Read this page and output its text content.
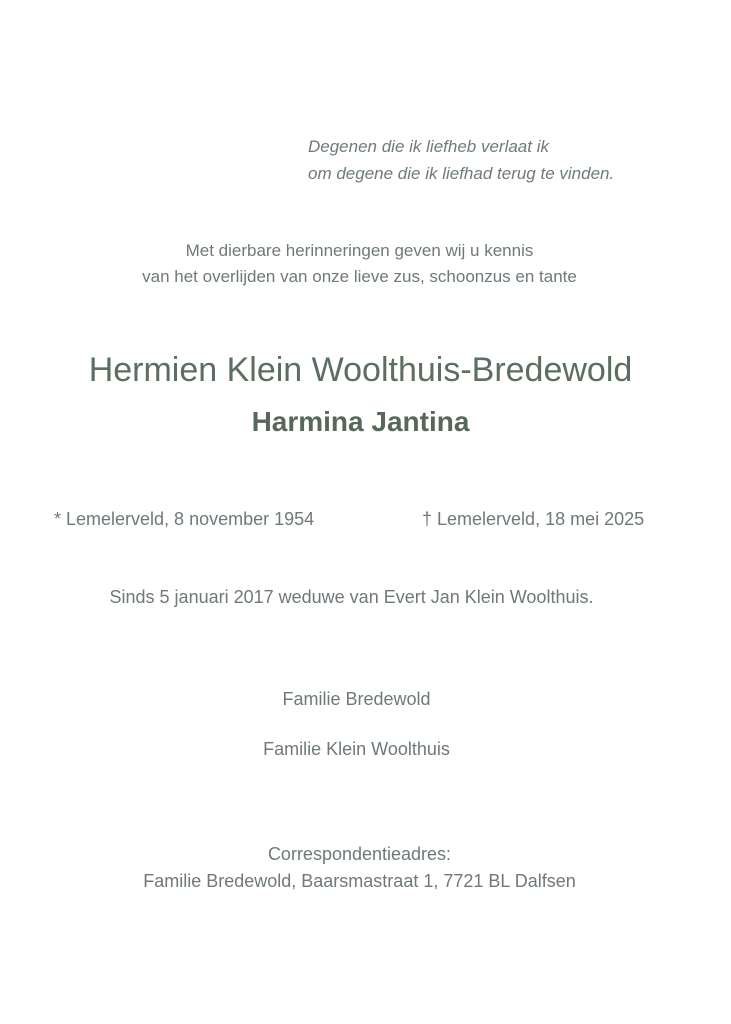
Degenen die ik liefheb verlaat ik
om degene die ik liefhad terug te vinden.
Met dierbare herinneringen geven wij u kennis
van het overlijden van onze lieve zus, schoonzus en tante
Hermien Klein Woolthuis-Bredewold
Harmina Jantina
* Lemelerveld, 8 november 1954	† Lemelerveld, 18 mei 2025
Sinds 5 januari 2017 weduwe van Evert Jan Klein Woolthuis.
Familie Bredewold
Familie Klein Woolthuis
Correspondentieadres:
Familie Bredewold, Baarsmastraat 1, 7721 BL Dalfsen
